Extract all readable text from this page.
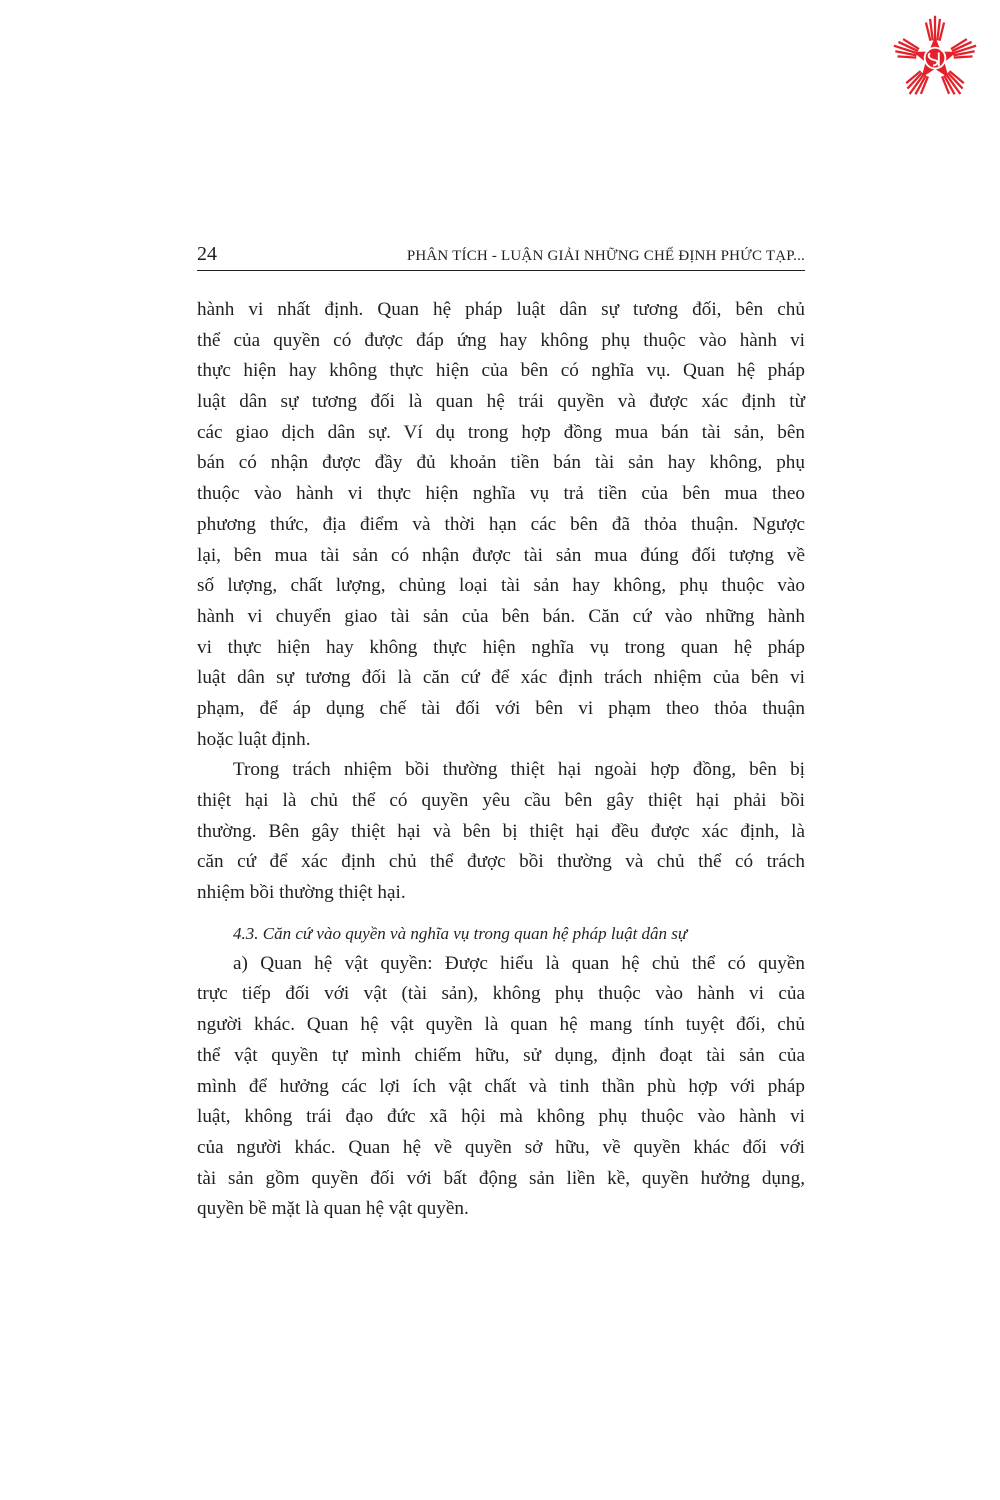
24	PHÂN TÍCH - LUẬN GIẢI NHỮNG CHẾ ĐỊNH PHỨC TẠP...
hành vi nhất định. Quan hệ pháp luật dân sự tương đối, bên chủ
thể của quyền có được đáp ứng hay không phụ thuộc vào hành vi
thực hiện hay không thực hiện của bên có nghĩa vụ. Quan hệ pháp
luật dân sự tương đối là quan hệ trái quyền và được xác định từ
các giao dịch dân sự. Ví dụ trong hợp đồng mua bán tài sản, bên
bán có nhận được đầy đủ khoản tiền bán tài sản hay không, phụ
thuộc vào hành vi thực hiện nghĩa vụ trả tiền của bên mua theo
phương thức, địa điểm và thời hạn các bên đã thỏa thuận. Ngược
lại, bên mua tài sản có nhận được tài sản mua đúng đối tượng về
số lượng, chất lượng, chủng loại tài sản hay không, phụ thuộc vào
hành vi chuyển giao tài sản của bên bán. Căn cứ vào những hành
vi thực hiện hay không thực hiện nghĩa vụ trong quan hệ pháp
luật dân sự tương đối là căn cứ để xác định trách nhiệm của bên vi
phạm, để áp dụng chế tài đối với bên vi phạm theo thỏa thuận
hoặc luật định.
Trong trách nhiệm bồi thường thiệt hại ngoài hợp đồng, bên bị
thiệt hại là chủ thể có quyền yêu cầu bên gây thiệt hại phải bồi
thường. Bên gây thiệt hại và bên bị thiệt hại đều được xác định, là
căn cứ để xác định chủ thể được bồi thường và chủ thể có trách
nhiệm bồi thường thiệt hại.
4.3. Căn cứ vào quyền và nghĩa vụ trong quan hệ pháp luật dân sự
a) Quan hệ vật quyền: Được hiểu là quan hệ chủ thể có quyền
trực tiếp đối với vật (tài sản), không phụ thuộc vào hành vi của
người khác. Quan hệ vật quyền là quan hệ mang tính tuyệt đối, chủ
thể vật quyền tự mình chiếm hữu, sử dụng, định đoạt tài sản của
mình để hưởng các lợi ích vật chất và tinh thần phù hợp với pháp
luật, không trái đạo đức xã hội mà không phụ thuộc vào hành vi
của người khác. Quan hệ về quyền sở hữu, về quyền khác đối với
tài sản gồm quyền đối với bất động sản liền kề, quyền hưởng dụng,
quyền bề mặt là quan hệ vật quyền.
